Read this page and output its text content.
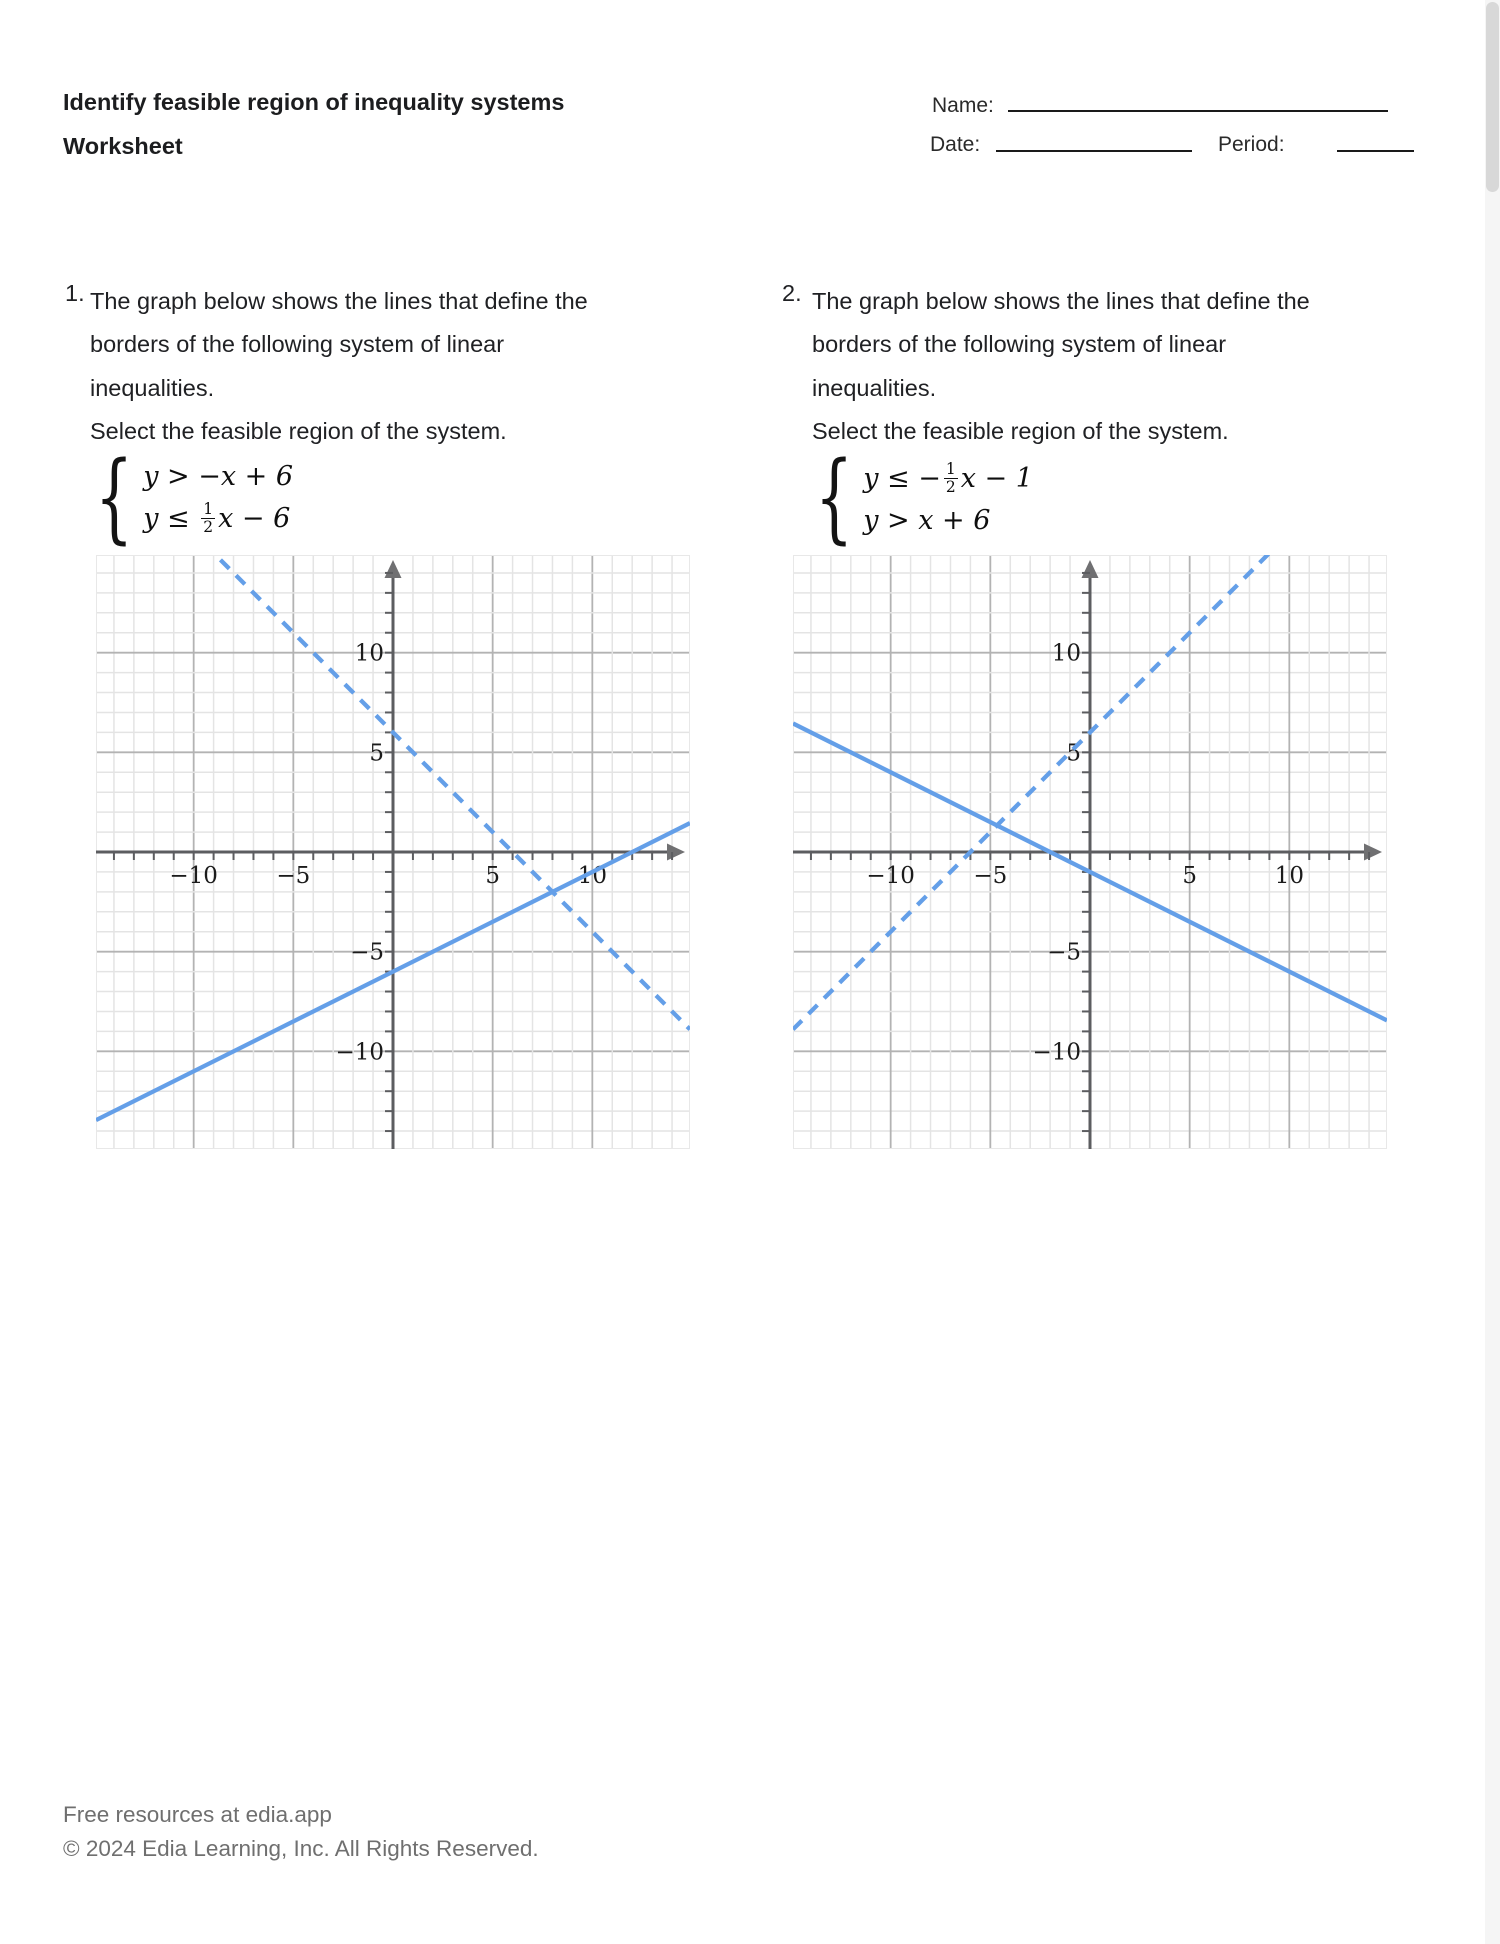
Identify feasible region of inequality systems
Worksheet
Name:
Date:	Period:
1. The graph below shows the lines that define the
borders of the following system of linear
inequalities.
Select the feasible region of the system.
{ y > −x + 6
$y \le \frac{1}{2}$ x − 6
−10	−5	5	10
10
5
−5
−10
2. The graph below shows the lines that define the
borders of the following system of linear
inequalities.
Select the feasible region of the system.
{ y ≤ − $\frac{1}{2}$ x − 1
y > x + 6
−10	−5	5	10
10
5
−5
−10
Free resources at edia.app
© 2024 Edia Learning, Inc. All Rights Reserved.
